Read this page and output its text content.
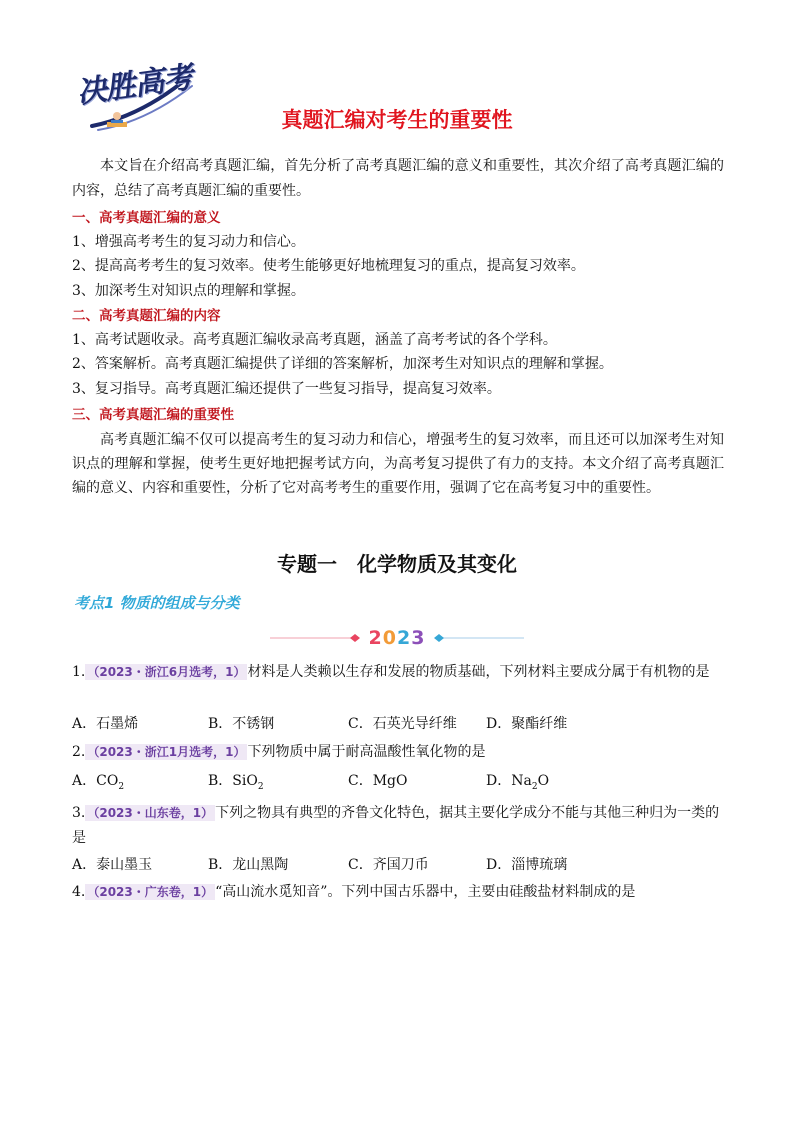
决胜高考
真题汇编对考生的重要性

本文旨在介绍高考真题汇编，首先分析了高考真题汇编的意义和重要性，其次介绍了高考真题汇编的内容，总结了高考真题汇编的重要性。

一、高考真题汇编的意义

1、增强高考考生的复习动力和信心。

2、提高高考考生的复习效率。使考生能够更好地梳理复习的重点，提高复习效率。

3、加深考生对知识点的理解和掌握。

二、高考真题汇编的内容

1、高考试题收录。高考真题汇编收录高考真题，涵盖了高考考试的各个学科。

2、答案解析。高考真题汇编提供了详细的答案解析，加深考生对知识点的理解和掌握。

3、复习指导。高考真题汇编还提供了一些复习指导，提高复习效率。

三、高考真题汇编的重要性

高考真题汇编不仅可以提高考生的复习动力和信心，增强考生的复习效率，而且还可以加深考生对知识点的理解和掌握，使考生更好地把握考试方向，为高考复习提供了有力的支持。本文介绍了高考真题汇编的意义、内容和重要性，分析了它对高考考生的重要作用，强调了它在高考复习中的重要性。

专题一　化学物质及其变化

考点1 物质的组成与分类

2023

1. （2023・浙江6月选考，1） 材料是人类赖以生存和发展的物质基础，下列材料主要成分属于有机物的是

A．石墨烯	B．不锈钢	C．石英光导纤维 D．聚酯纤维

2. （2023・浙江1月选考，1） 下列物质中属于耐高温酸性氧化物的是

A．$CO_2$	B．SiO$_2$	C．MgO	D．$Na_2O$

3. （2023・山东卷，1） 下列之物具有典型的齐鲁文化特色，据其主要化学成分不能与其他三种归为一类的是

A．泰山墨玉	B．龙山黑陶	C．齐国刀币	D．淄博琉璃

4. （2023・广东卷，1） “高山流水觅知音”。下列中国古乐器中，主要由硅酸盐材料制成的是
